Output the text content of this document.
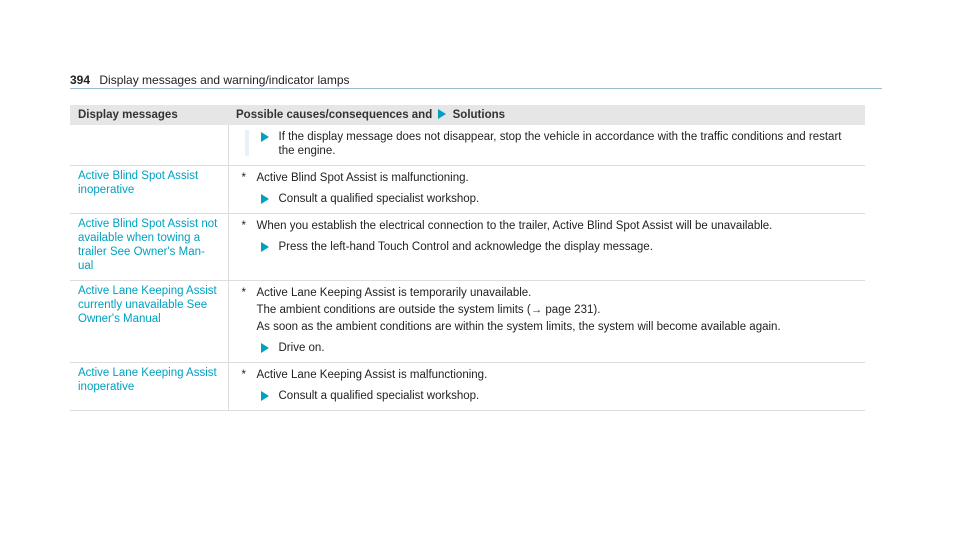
394 Display messages and warning/indicator lamps
Display messages	Possible causes/consequences and Solutions

If the display message does not disappear, stop the vehicle in accordance with the traffic conditions and restart the engine.

Active Blind Spot Assist inoperative	* Active Blind Spot Assist is malfunctioning.
Consult a qualified specialist workshop.

Active Blind Spot Assist not available when towing a trailer See Owner's Man- ual	* When you establish the electrical connection to the trailer, Active Blind Spot Assist will be unavailable.
Press the left-hand Touch Control and acknowledge the display message.

Active Lane Keeping Assist currently unavailable See Owner's Manual	* Active Lane Keeping Assist is temporarily unavailable.
The ambient conditions are outside the system limits (→ page 231).
As soon as the ambient conditions are within the system limits, the system will become available again.
Drive on.

Active Lane Keeping Assist inoperative	* Active Lane Keeping Assist is malfunctioning.
Consult a qualified specialist workshop.
